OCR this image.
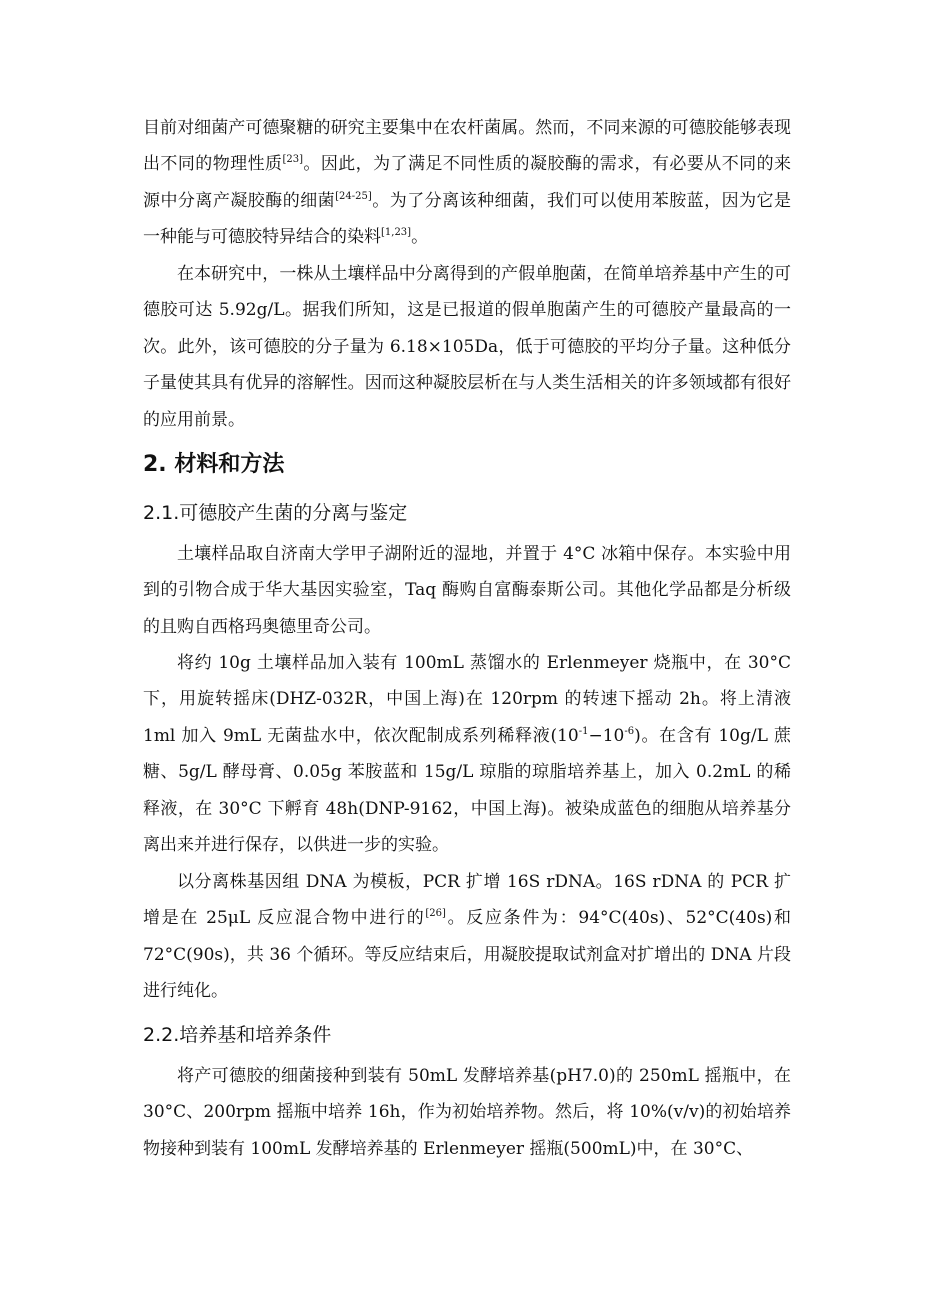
目前对细菌产可德聚糖的研究主要集中在农杆菌属。然而，不同来源的可德胶能够表现出不同的物理性质[23]。因此，为了满足不同性质的凝胶酶的需求，有必要从不同的来源中分离产凝胶酶的细菌[24-25]。为了分离该种细菌，我们可以使用苯胺蓝，因为它是一种能与可德胶特异结合的染料[1,23]。

在本研究中，一株从土壤样品中分离得到的产假单胞菌，在简单培养基中产生的可德胶可达 5.92g/L。据我们所知，这是已报道的假单胞菌产生的可德胶产量最高的一次。此外，该可德胶的分子量为 6.18×105Da，低于可德胶的平均分子量。这种低分子量使其具有优异的溶解性。因而这种凝胶层析在与人类生活相关的许多领域都有很好的应用前景。

2. 材料和方法
2.1.可德胶产生菌的分离与鉴定

土壤样品取自济南大学甲子湖附近的湿地，并置于 4°C 冰箱中保存。本实验中用到的引物合成于华大基因实验室，Taq 酶购自富酶泰斯公司。其他化学品都是分析级的且购自西格玛奥德里奇公司。

将约 10g 土壤样品加入装有 100mL 蒸馏水的 Erlenmeyer 烧瓶中，在 30°C 下，用旋转摇床(DHZ-032R，中国上海)在 120rpm 的转速下摇动 2h。将上清液 1ml 加入 9mL 无菌盐水中，依次配制成系列稀释液$(10^{-1}-10^{-6})$。在含有 10g/L 蔗糖、5g/L 酵母膏、0.05g 苯胺蓝和 15g/L 琼脂的琼脂培养基上，加入 0.2mL 的稀释液，在 30°C 下孵育 48h(DNP-9162，中国上海)。被染成蓝色的细胞从培养基分离出来并进行保存，以供进一步的实验。

以分离株基因组 DNA 为模板，PCR 扩增 16S rDNA。16S rDNA 的 PCR 扩增是在 25μL 反应混合物中进行的[26]。反应条件为：94°C(40s)、52°C(40s)和 72°C(90s)，共 36 个循环。等反应结束后，用凝胶提取试剂盒对扩增出的 DNA 片段进行纯化。

2.2.培养基和培养条件

将产可德胶的细菌接种到装有 50mL 发酵培养基(pH7.0)的 250mL 摇瓶中，在 30°C、200rpm 摇瓶中培养 16h，作为初始培养物。然后，将 10%(v/v)的初始培养物接种到装有 100mL 发酵培养基的 Erlenmeyer 摇瓶(500mL)中，在 30°C、
